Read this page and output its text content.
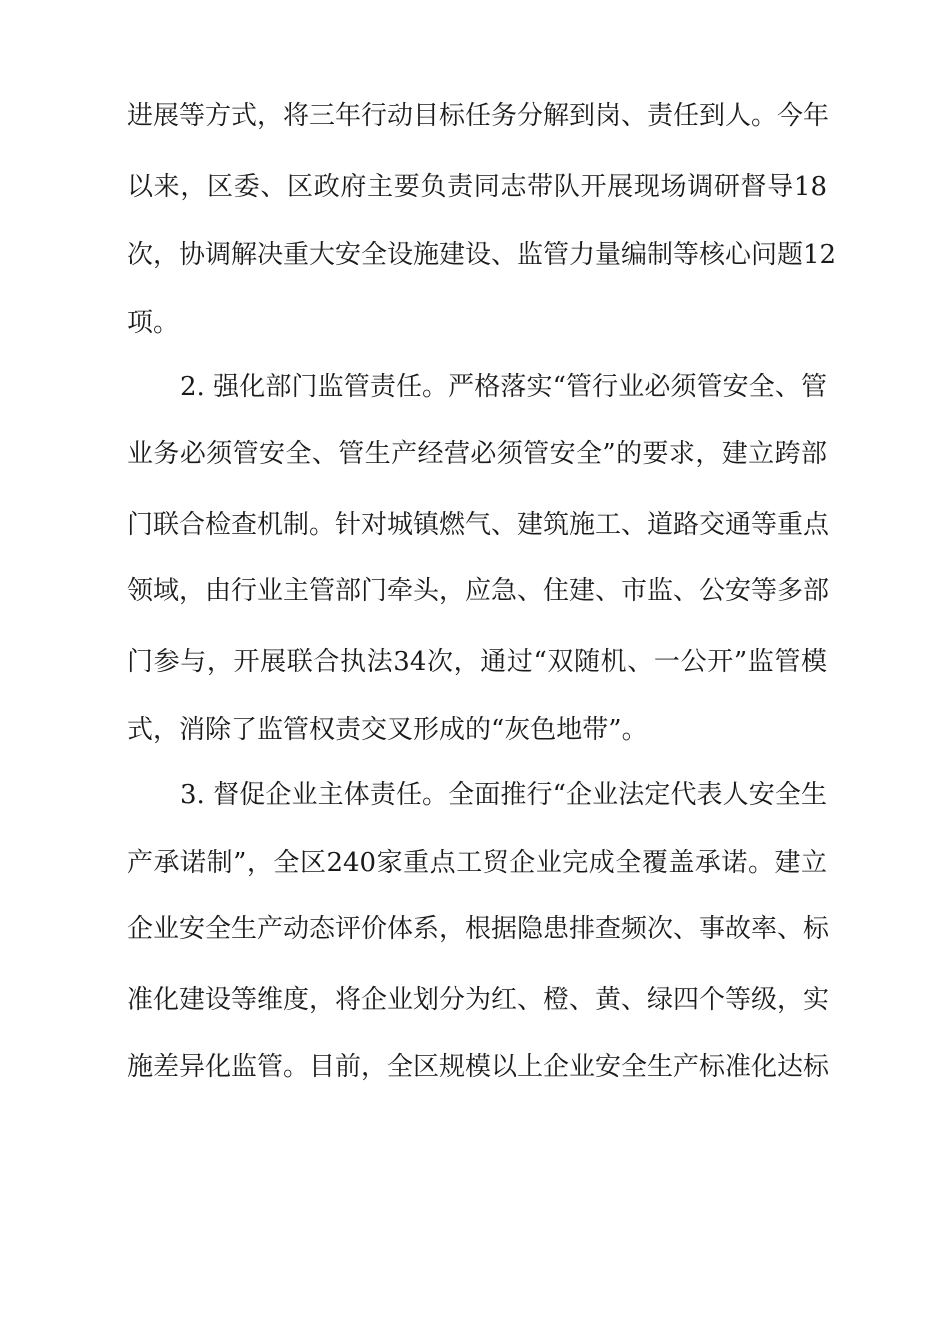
进展等方式，将三年行动目标任务分解到岗、责任到人。今年
以来，区委、区政府主要负责同志带队开展现场调研督导18
次，协调解决重大安全设施建设、监管力量编制等核心问题12
项。
2. 强化部门监管责任。严格落实“管行业必须管安全、管
业务必须管安全、管生产经营必须管安全”的要求，建立跨部
门联合检查机制。针对城镇燃气、建筑施工、道路交通等重点
领域，由行业主管部门牵头，应急、住建、市监、公安等多部
门参与，开展联合执法34次，通过“双随机、一公开”监管模
式，消除了监管权责交叉形成的“灰色地带”。
3. 督促企业主体责任。全面推行“企业法定代表人安全生
产承诺制”，全区240家重点工贸企业完成全覆盖承诺。建立
企业安全生产动态评价体系，根据隐患排查频次、事故率、标
准化建设等维度，将企业划分为红、橙、黄、绿四个等级，实
施差异化监管。目前，全区规模以上企业安全生产标准化达标
